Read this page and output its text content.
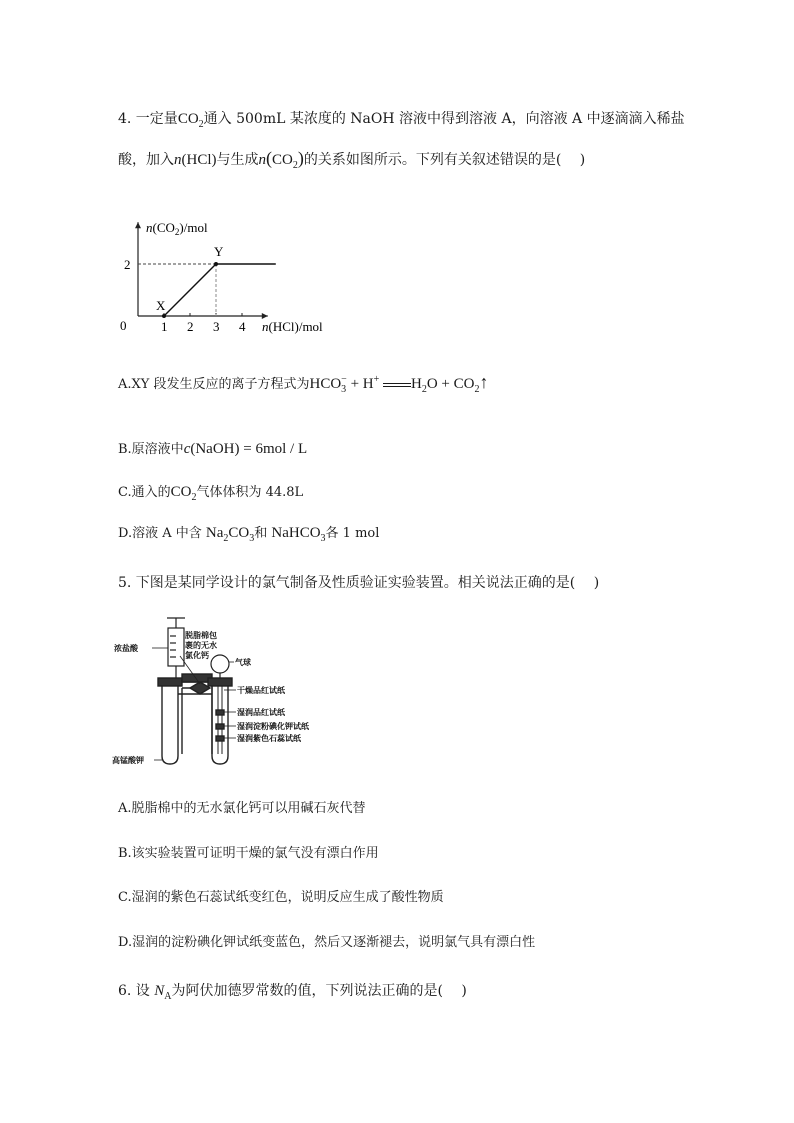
4. 一定量$CO_2$通入 500mL 某浓度的 NaOH 溶液中得到溶液 A，向溶液 A 中逐滴滴入稀盐
酸，加入n(HCl)与生成$n(CO_2)$的关系如图所示。下列有关叙述错误的是(　 )
1 2 3 4
2
0
X
Y
$n(CO_2)$/mol
n(HCl)/mol
A.XY 段发生反应的离子方程式为$HCO_3^- + H^+$ $H_2O$ + $CO_2↑$
B.原溶液中c(NaOH) = 6mol / L
C.通入的$CO_2$气体体积为 44.8L
D.溶液 A 中含 $Na_2CO_3$和 NaHCO$_3$各 1 mol
5. 下图是某同学设计的氯气制备及性质验证实验装置。相关说法正确的是(　 )
浓盐酸
脱脂棉包
裹的无水
氯化钙
气球
干燥品红试纸
湿润品红试纸
湿润淀粉碘化钾试纸
湿润紫色石蕊试纸
高锰酸钾
A.脱脂棉中的无水氯化钙可以用碱石灰代替
B.该实验装置可证明干燥的氯气没有漂白作用
C.湿润的紫色石蕊试纸变红色，说明反应生成了酸性物质
D.湿润的淀粉碘化钾试纸变蓝色，然后又逐渐褪去，说明氯气具有漂白性
6. 设 $N_A$为阿伏加德罗常数的值，下列说法正确的是(　 )
